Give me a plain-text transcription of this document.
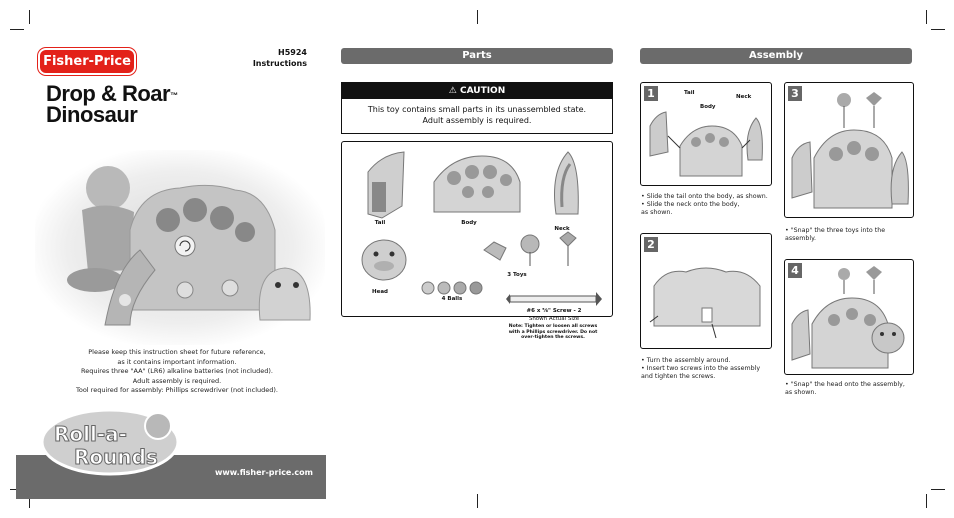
Fisher-Price
H5924
Instructions
Drop & Roar™
Dinosaur
Please keep this instruction sheet for future reference,
as it contains important information.
Requires three "AA" (LR6) alkaline batteries (not included).
Adult assembly is required.
Tool required for assembly: Phillips screwdriver (not included).
www.fisher-price.com
Roll-a-
Rounds
Parts
⚠ CAUTION
This toy contains small parts in its unassembled state.
Adult assembly is required.
Tail	Body
Neck
Head
4 Balls
3 Toys
#6 x ⁵⁄₈" Screw - 2
Shown Actual Size
Note: Tighten or loosen all screws with a Phillips screwdriver. Do not over-tighten the screws.
Assembly
1	Tail
Body
Neck
• Slide the tail onto the body, as shown.
• Slide the neck onto the body,
as shown.
2
• Turn the assembly around.
• Insert two screws into the assembly
and tighten the screws.
3
• "Snap" the three toys into the
assembly.
4
• "Snap" the head onto the assembly,
as shown.
